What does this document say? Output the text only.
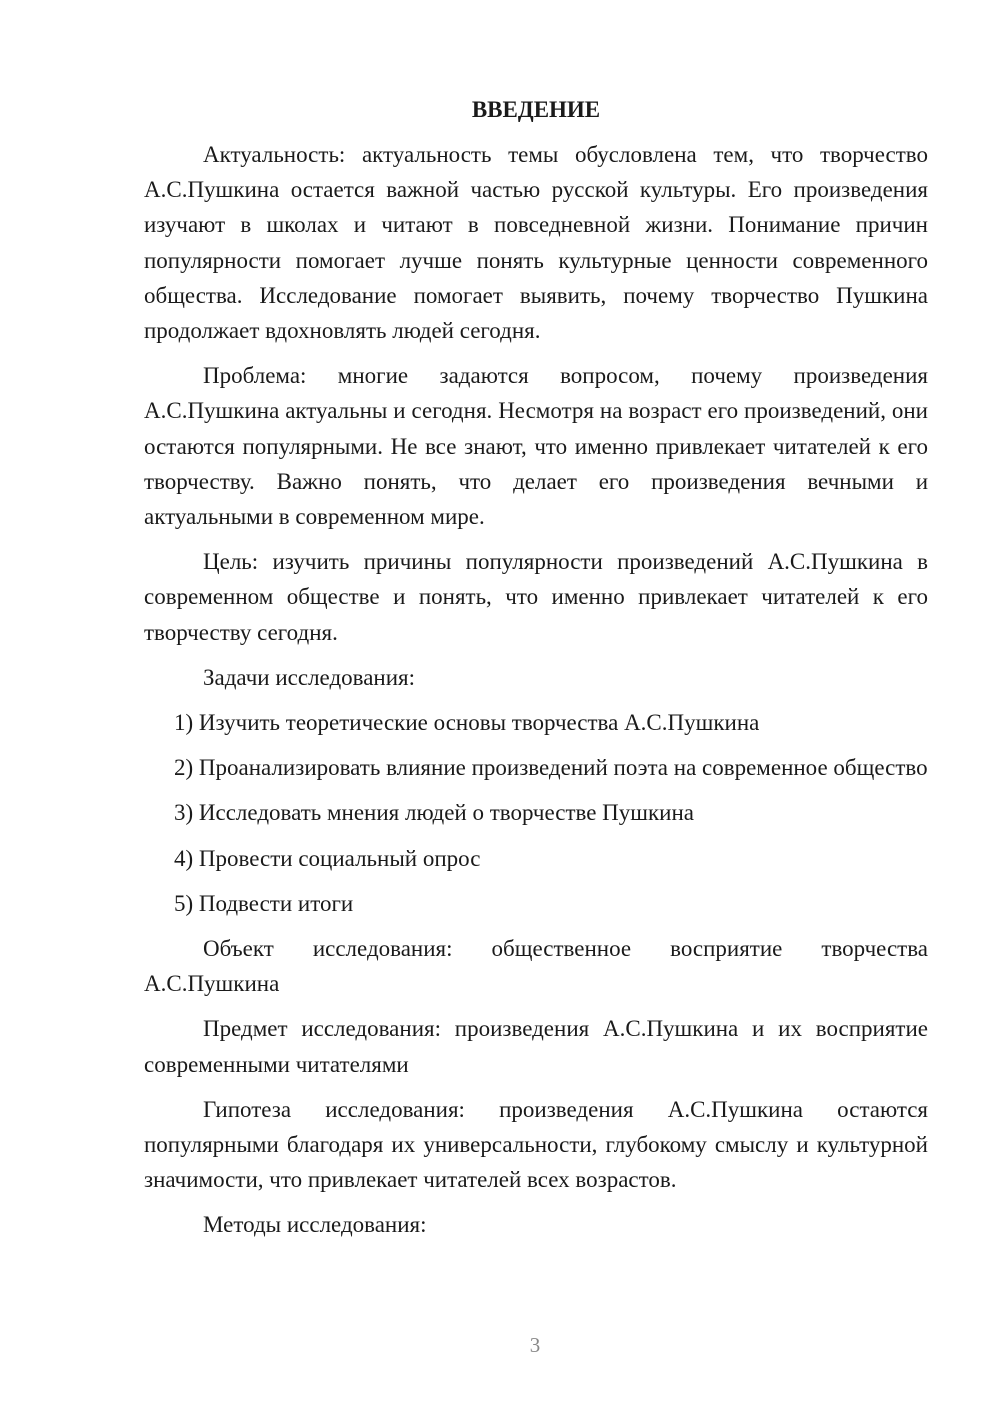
ВВЕДЕНИЕ

Актуальность: актуальность темы обусловлена тем, что творчество А.С.Пушкина остается важной частью русской культуры. Его произведения изучают в школах и читают в повседневной жизни. Понимание причин популярности помогает лучше понять культурные ценности современного общества. Исследование помогает выявить, почему творчество Пушкина продолжает вдохновлять людей сегодня.

Проблема: многие задаются вопросом, почему произведения А.С.Пушкина актуальны и сегодня. Несмотря на возраст его произведений, они остаются популярными. Не все знают, что именно привлекает читателей к его творчеству. Важно понять, что делает его произведения вечными и актуальными в современном мире.

Цель: изучить причины популярности произведений А.С.Пушкина в современном обществе и понять, что именно привлекает читателей к его творчеству сегодня.

Задачи исследования:

1) Изучить теоретические основы творчества А.С.Пушкина

2) Проанализировать влияние произведений поэта на современное общество

3) Исследовать мнения людей о творчестве Пушкина

4) Провести социальный опрос

5) Подвести итоги

Объект исследования: общественное восприятие творчества А.С.Пушкина

Предмет исследования: произведения А.С.Пушкина и их восприятие современными читателями

Гипотеза исследования: произведения А.С.Пушкина остаются популярными благодаря их универсальности, глубокому смыслу и культурной значимости, что привлекает читателей всех возрастов.

Методы исследования:

3
